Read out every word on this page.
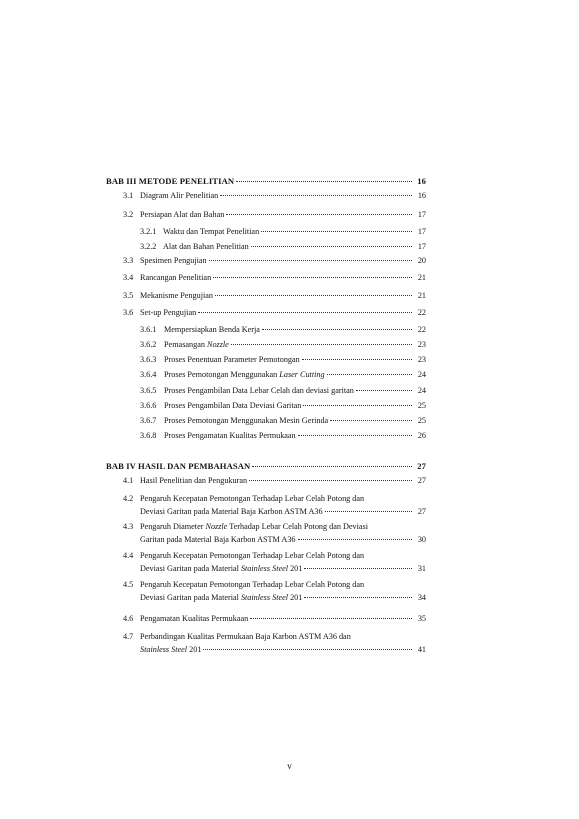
BAB III METODE PENELITIAN	16
3.1 Diagram Alir Penelitian	16
3.2 Persiapan Alat dan Bahan	17
3.2.1 Waktu dan Tempat Penelitian	17
3.2.2 Alat dan Bahan Penelitian	17
3.3 Spesimen Pengujian	20
3.4 Rancangan Penelitian	21
3.5 Mekanisme Pengujian	21
3.6 Set-up Pengujian	22
3.6.1 Mempersiapkan Benda Kerja	22
3.6.2 Pemasangan Nozzle	23
3.6.3 Proses Penentuan Parameter Pemotongan	23
3.6.4 Proses Pemotongan Menggunakan Laser Cutting	24
3.6.5 Proses Pengambilan Data Lebar Celah dan deviasi garitan	24
3.6.6 Proses Pengambilan Data Deviasi Garitan	25
3.6.7 Proses Pemotongan Menggunakan Mesin Gerinda	25
3.6.8 Proses Pengamatan Kualitas Permukaan	26
BAB IV HASIL DAN PEMBAHASAN	27
4.1 Hasil Penelitian dan Pengukuran	27
4.2 Pengaruh Kecepatan Pemotongan Terhadap Lebar Celah Potong dan
Deviasi Garitan pada Material Baja Karbon ASTM A36	27
4.3 Pengaruh Diameter Nozzle Terhadap Lebar Celah Potong dan Deviasi
Garitan pada Material Baja Karbon ASTM A36	30
4.4 Pengaruh Kecepatan Pemotongan Terhadap Lebar Celah Potong dan
Deviasi Garitan pada Material Stainless Steel 201	31
4.5 Pengaruh Kecepatan Pemotongan Terhadap Lebar Celah Potong dan
Deviasi Garitan pada Material Stainless Steel 201	34
4.6 Pengamatan Kualitas Permukaan	35
4.7 Perbandingan Kualitas Permukaan Baja Karbon ASTM A36 dan
Stainless Steel 201	41
v
